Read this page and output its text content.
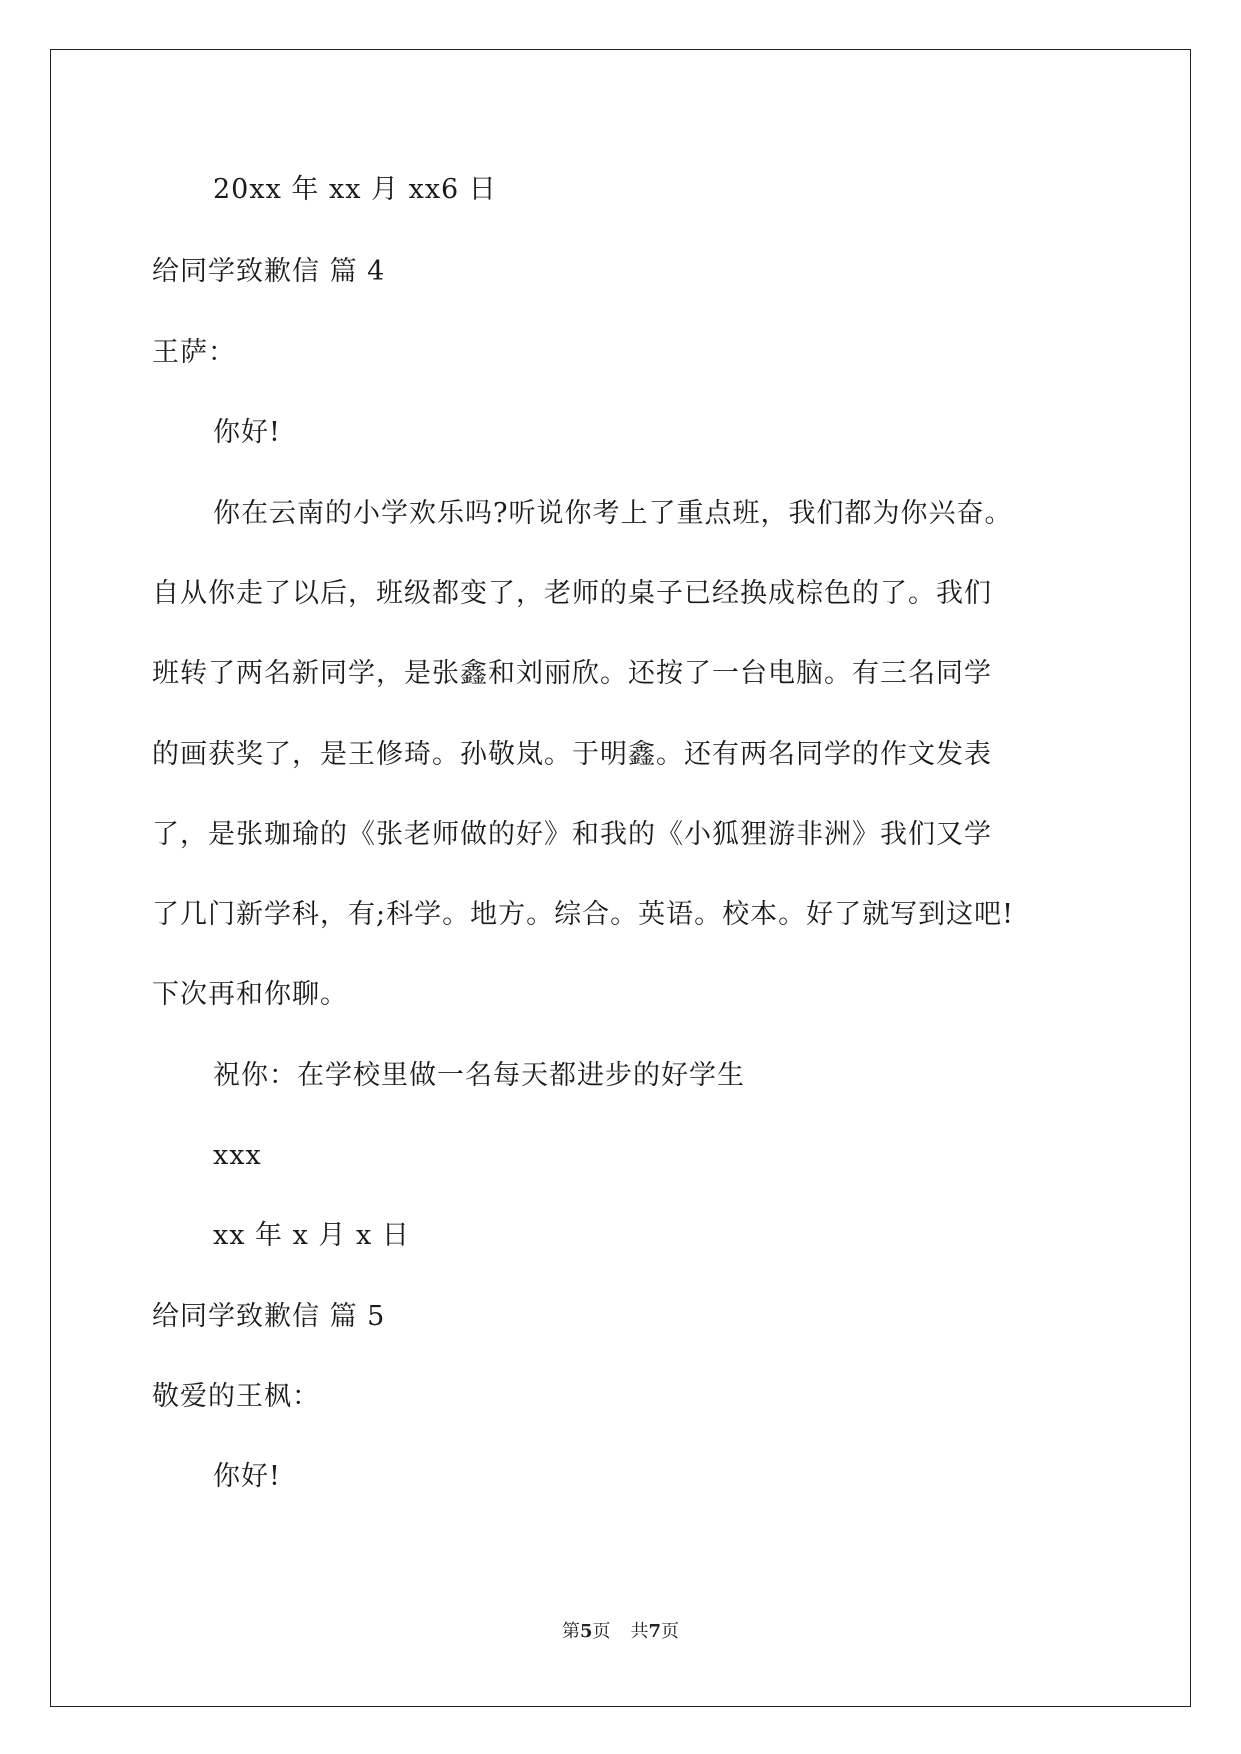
20xx 年 xx 月 xx6 日
给同学致歉信 篇 4
王萨：
你好!
你在云南的小学欢乐吗?听说你考上了重点班，我们都为你兴奋。
自从你走了以后，班级都变了，老师的桌子已经换成棕色的了。我们
班转了两名新同学，是张鑫和刘丽欣。还按了一台电脑。有三名同学
的画获奖了，是王修琦。孙敬岚。于明鑫。还有两名同学的作文发表
了，是张珈瑜的《张老师做的好》和我的《小狐狸游非洲》我们又学
了几门新学科，有;科学。地方。综合。英语。校本。好了就写到这吧!
下次再和你聊。
祝你：在学校里做一名每天都进步的好学生
xxx
xx 年 x 月 x 日
给同学致歉信 篇 5
敬爱的王枫：
你好!
第5页 共7页
